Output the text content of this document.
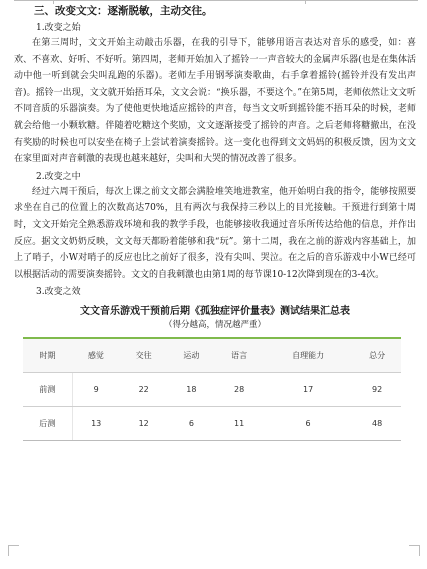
三、改变文文：逐渐脱敏，主动交往。
1.改变之始

在第三周时，文文开始主动敲击乐器，在我的引导下，能够用语言表达对音乐的感受，如：喜欢、不喜欢、好听、不好听。第四周，老师开始加入了摇铃一一声音较大的金属声乐器(也是在集体活动中他一听到就会尖叫乱跑的乐器)。老师左手用钢琴演奏歌曲，右手拿着摇铃(摇铃并没有发出声音)。摇铃一出现，文文就开始捂耳朵，文文会说：“换乐器，不要这个。”在第5周，老师依然让文文听不同音质的乐器演奏。为了使他更快地适应摇铃的声音，每当文文听到摇铃能不捂耳朵的时候，老师就会给他一小颗软糖。伴随着吃糖这个奖励，文文逐渐接受了摇铃的声音。之后老师将糖撤出，在没有奖励的时候也可以安坐在椅子上尝试着演奏摇铃。这一变化也得到文文妈妈的积极反馈，因为文文在家里面对声音刺激的表现也越来越好，尖叫和大哭的情况改善了很多。

2.改变之中

经过六周干预后，每次上课之前文文都会满脸堆笑地进教室，他开始明白我的指令，能够按照要求坐在自己的位置上的次数高达70%，且有两次与我保持三秒以上的目光接触。干预进行到第十周时，文文开始完全熟悉游戏环境和我的教学手段，也能够接收我通过音乐所传达给他的信息，并作出反应。据文文奶奶反映，文文每天都盼着能够和我“玩”。第十二周，我在之前的游戏内容基础上，加上了哨子，小W对哨子的反应也比之前好了很多，没有尖叫、哭泣。在之后的音乐游戏中小W已经可以根据活动的需要演奏摇铃。文文的自我刺激也由第1周的每节课10-12次降到现在的3-4次。

3.改变之效
文文音乐游戏干预前后期《孤独症评价量表》测试结果汇总表
（得分越高，情况越严重）
时期	感觉	交往	运动	语言	自理能力	总分
前测	9	22	18	28	17	92
后测	13	12	6	11	6	48
